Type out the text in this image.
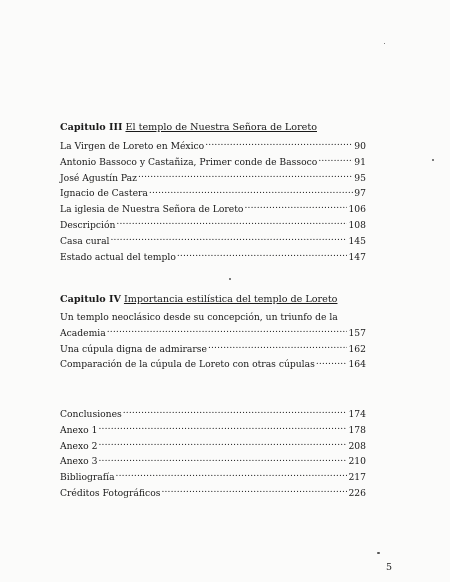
Capitulo III El templo de Nuestra Señora de Loreto
La Virgen de Loreto en México .....	90
Antonio Bassoco y Castañiza, Primer conde de Bassoco .....	91
José Agustín Paz .....	95
Ignacio de Castera .....	97
La iglesia de Nuestra Señora de Loreto .....	106
Descripción .....	108
Casa cural .....	145
Estado actual del templo .....	147
Capitulo IV Importancia estilística del templo de Loreto
Un templo neoclásico desde su concepción, un triunfo de la
Academia .....	157
Una cúpula digna de admirarse .....	162
Comparación de la cúpula de Loreto con otras cúpulas .....	164
Conclusiones .....	174
Anexo 1 .....	178
Anexo 2 .....	208
Anexo 3 .....	210
Bibliografía .....	217
Créditos Fotográficos .....	226
5
